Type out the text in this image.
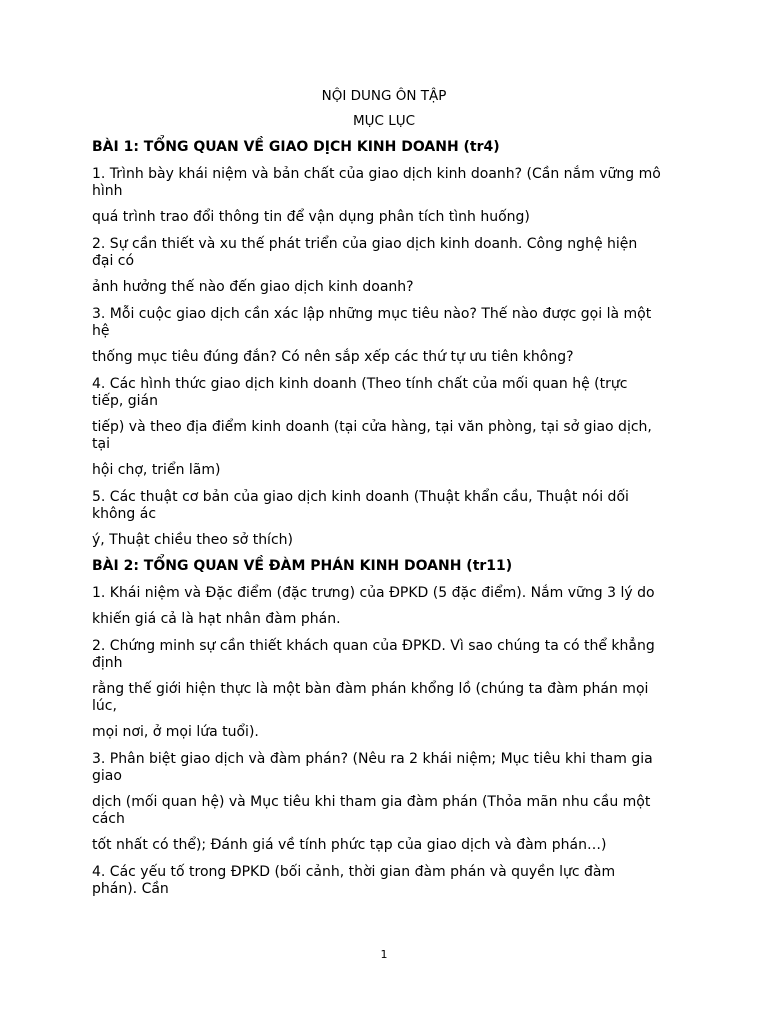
NỘI DUNG ÔN TẬP
MỤC LỤC
BÀI 1: TỔNG QUAN VỀ GIAO DỊCH KINH DOANH (tr4)
1. Trình bày khái niệm và bản chất của giao dịch kinh doanh? (Cần nắm vững mô
hình
quá trình trao đổi thông tin để vận dụng phân tích tình huống)
2. Sự cần thiết và xu thế phát triển của giao dịch kinh doanh. Công nghệ hiện
đại có
ảnh hưởng thế nào đến giao dịch kinh doanh?
3. Mỗi cuộc giao dịch cần xác lập những mục tiêu nào? Thế nào được gọi là một
hệ
thống mục tiêu đúng đắn? Có nên sắp xếp các thứ tự ưu tiên không?
4. Các hình thức giao dịch kinh doanh (Theo tính chất của mối quan hệ (trực
tiếp, gián
tiếp) và theo địa điểm kinh doanh (tại cửa hàng, tại văn phòng, tại sở giao dịch,
tại
hội chợ, triển lãm)
5. Các thuật cơ bản của giao dịch kinh doanh (Thuật khẩn cầu, Thuật nói dối
không ác
ý, Thuật chiều theo sở thích)
BÀI 2: TỔNG QUAN VỀ ĐÀM PHÁN KINH DOANH (tr11)
1. Khái niệm và Đặc điểm (đặc trưng) của ĐPKD (5 đặc điểm). Nắm vững 3 lý do
khiến giá cả là hạt nhân đàm phán.
2. Chứng minh sự cần thiết khách quan của ĐPKD. Vì sao chúng ta có thể khẳng
định
rằng thế giới hiện thực là một bàn đàm phán khổng lồ (chúng ta đàm phán mọi
lúc,
mọi nơi, ở mọi lứa tuổi).
3. Phân biệt giao dịch và đàm phán? (Nêu ra 2 khái niệm; Mục tiêu khi tham gia
giao
dịch (mối quan hệ) và Mục tiêu khi tham gia đàm phán (Thỏa mãn nhu cầu một
cách
tốt nhất có thể); Đánh giá về tính phức tạp của giao dịch và đàm phán…)
4. Các yếu tố trong ĐPKD (bối cảnh, thời gian đàm phán và quyền lực đàm
phán). Cần
1
